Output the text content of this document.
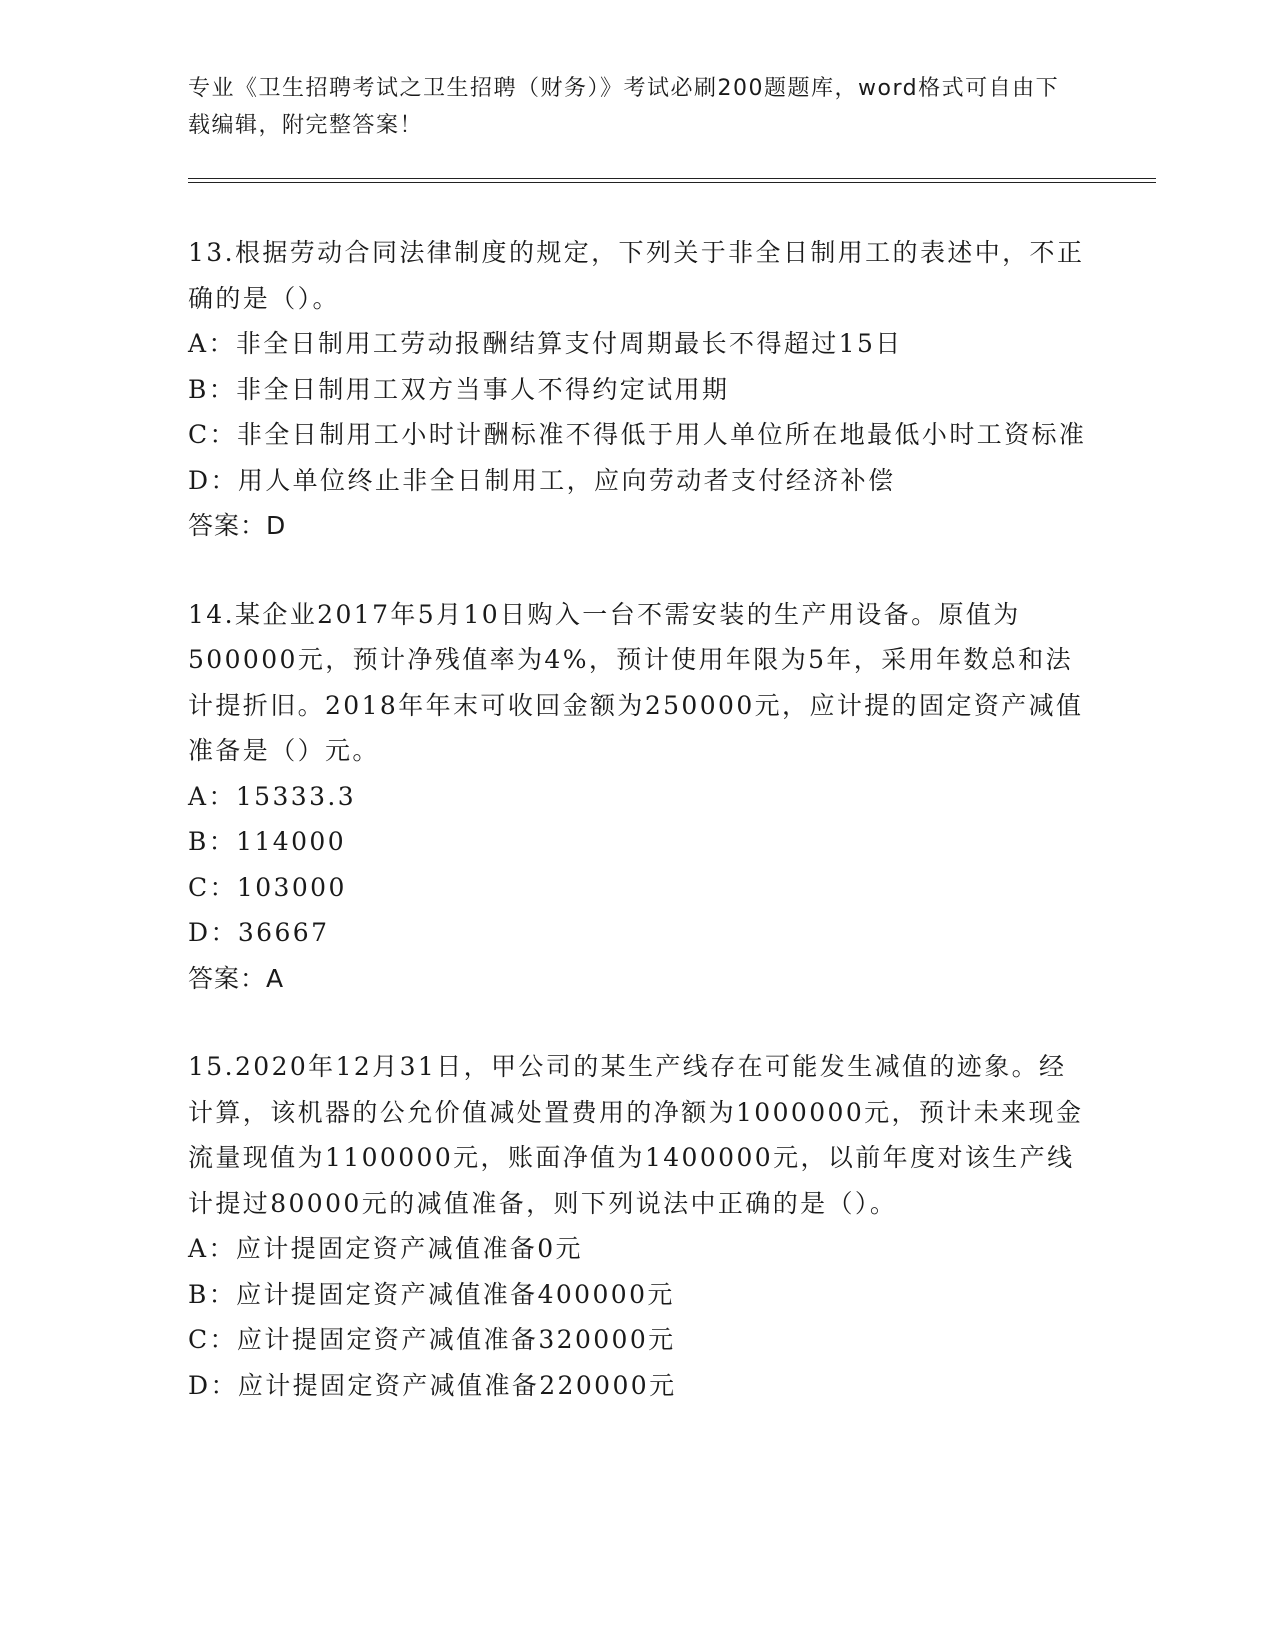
专业《卫生招聘考试之卫生招聘（财务）》考试必刷200题题库，word格式可自由下载编辑，附完整答案！

13.根据劳动合同法律制度的规定，下列关于非全日制用工的表述中，不正确的是（）。

A：非全日制用工劳动报酬结算支付周期最长不得超过15日

B：非全日制用工双方当事人不得约定试用期

C：非全日制用工小时计酬标准不得低于用人单位所在地最低小时工资标准

D：用人单位终止非全日制用工，应向劳动者支付经济补偿

答案：D

14.某企业2017年5月10日购入一台不需安装的生产用设备。原值为500000元，预计净残值率为4%，预计使用年限为5年，采用年数总和法计提折旧。2018年年末可收回金额为250000元，应计提的固定资产减值准备是（）元。

A：15333.3

B：114000

C：103000

D：36667

答案：A

15.2020年12月31日，甲公司的某生产线存在可能发生减值的迹象。经计算，该机器的公允价值减处置费用的净额为1000000元，预计未来现金流量现值为1100000元，账面净值为1400000元，以前年度对该生产线计提过80000元的减值准备，则下列说法中正确的是（）。

A：应计提固定资产减值准备0元

B：应计提固定资产减值准备400000元

C：应计提固定资产减值准备320000元

D：应计提固定资产减值准备220000元
